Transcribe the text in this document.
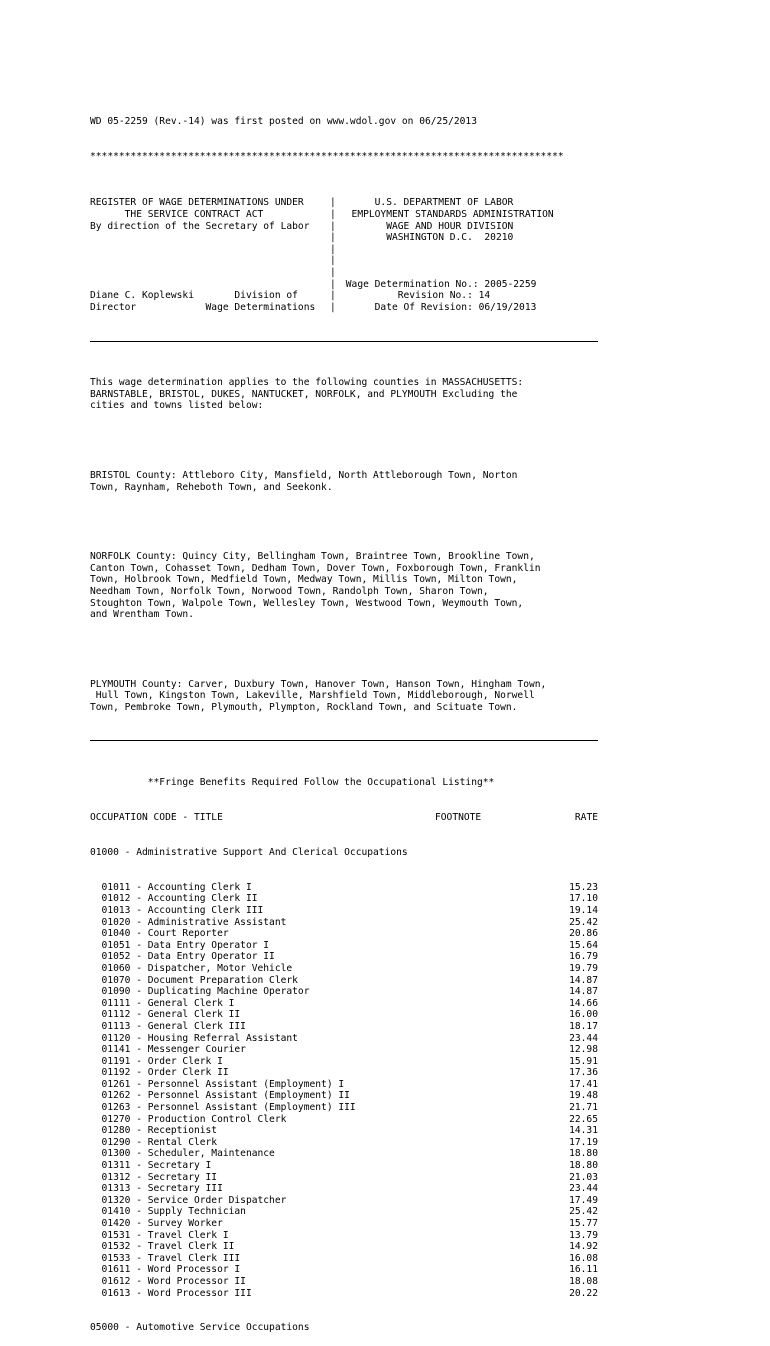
WD 05-2259 (Rev.-14) was first posted on www.wdol.gov on 06/25/2013

**********************************************************************************

REGISTER OF WAGE DETERMINATIONS UNDER	| U.S. DEPARTMENT OF LABOR
THE SERVICE CONTRACT ACT	| EMPLOYMENT STANDARDS ADMINISTRATION
By direction of the Secretary of Labor	| WAGE AND HOUR DIVISION
| WASHINGTON D.C.  20210
|
|
|
| Wage Determination No.: 2005-2259
Diane C. Koplewski       Division of	| Revision No.: 14
Director            Wage Determinations	| Date Of Revision: 06/19/2013

This wage determination applies to the following counties in MASSACHUSETTS:
BARNSTABLE, BRISTOL, DUKES, NANTUCKET, NORFOLK, and PLYMOUTH Excluding the
cities and towns listed below:

BRISTOL County: Attleboro City, Mansfield, North Attleborough Town, Norton
Town, Raynham, Reheboth Town, and Seekonk.

NORFOLK County: Quincy City, Bellingham Town, Braintree Town, Brookline Town,
Canton Town, Cohasset Town, Dedham Town, Dover Town, Foxborough Town, Franklin
Town, Holbrook Town, Medfield Town, Medway Town, Millis Town, Milton Town,
Needham Town, Norfolk Town, Norwood Town, Randolph Town, Sharon Town,
Stoughton Town, Walpole Town, Wellesley Town, Westwood Town, Weymouth Town,
and Wrentham Town.

PLYMOUTH County: Carver, Duxbury Town, Hanover Town, Hanson Town, Hingham Town,
Hull Town, Kingston Town, Lakeville, Marshfield Town, Middleborough, Norwell
Town, Pembroke Town, Plymouth, Plympton, Rockland Town, and Scituate Town.

**Fringe Benefits Required Follow the Occupational Listing**

OCCUPATION CODE - TITLE	FOOTNOTE	RATE

01000 - Administrative Support And Clerical Occupations

01011 - Accounting Clerk I	15.23
01012 - Accounting Clerk II	17.10
01013 - Accounting Clerk III	19.14
01020 - Administrative Assistant	25.42
01040 - Court Reporter	20.86
01051 - Data Entry Operator I	15.64
01052 - Data Entry Operator II	16.79
01060 - Dispatcher, Motor Vehicle	19.79
01070 - Document Preparation Clerk	14.87
01090 - Duplicating Machine Operator	14.87
01111 - General Clerk I	14.66
01112 - General Clerk II	16.00
01113 - General Clerk III	18.17
01120 - Housing Referral Assistant	23.44
01141 - Messenger Courier	12.98
01191 - Order Clerk I	15.91
01192 - Order Clerk II	17.36
01261 - Personnel Assistant (Employment) I	17.41
01262 - Personnel Assistant (Employment) II	19.48
01263 - Personnel Assistant (Employment) III	21.71
01270 - Production Control Clerk	22.65
01280 - Receptionist	14.31
01290 - Rental Clerk	17.19
01300 - Scheduler, Maintenance	18.80
01311 - Secretary I	18.80
01312 - Secretary II	21.03
01313 - Secretary III	23.44
01320 - Service Order Dispatcher	17.49
01410 - Supply Technician	25.42
01420 - Survey Worker	15.77
01531 - Travel Clerk I	13.79
01532 - Travel Clerk II	14.92
01533 - Travel Clerk III	16.08
01611 - Word Processor I	16.11
01612 - Word Processor II	18.08
01613 - Word Processor III	20.22

05000 - Automotive Service Occupations
